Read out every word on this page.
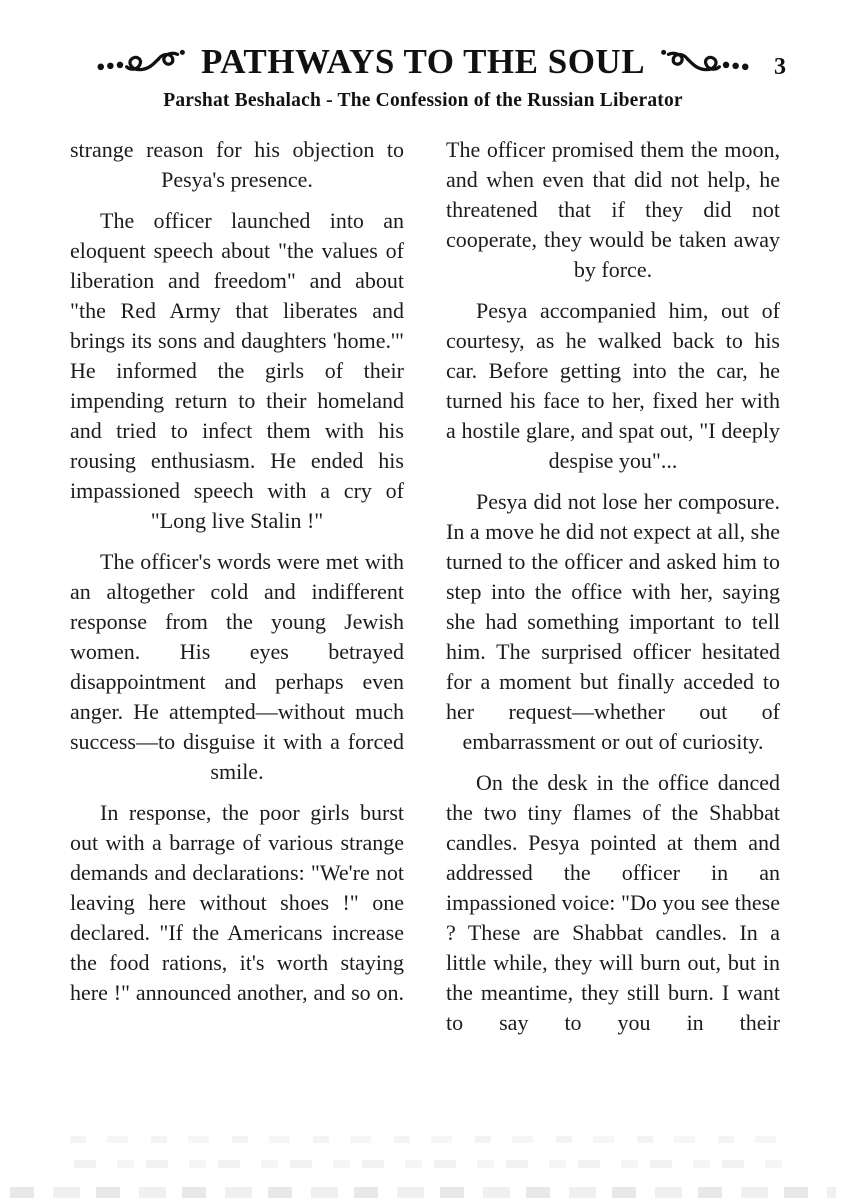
PATHWAYS TO THE SOUL	3
Parshat Beshalach - The Confession of the Russian Liberator

strange reason for his objection to Pesya's presence.

The officer launched into an eloquent speech about "the values of liberation and freedom" and about "the Red Army that liberates and brings its sons and daughters 'home.'" He informed the girls of their impending return to their homeland and tried to infect them with his rousing enthusiasm. He ended his impassioned speech with a cry of "Long live Stalin !"

The officer's words were met with an altogether cold and indifferent response from the young Jewish women. His eyes betrayed disappointment and perhaps even anger. He attempted—without much success—to disguise it with a forced smile.

In response, the poor girls burst out with a barrage of various strange demands and declarations: "We're not leaving here without shoes !" one declared. "If the Americans increase the food rations, it's worth staying here !" announced another, and so on.

The officer promised them the moon, and when even that did not help, he threatened that if they did not cooperate, they would be taken away by force.

Pesya accompanied him, out of courtesy, as he walked back to his car. Before getting into the car, he turned his face to her, fixed her with a hostile glare, and spat out, "I deeply despise you"...

Pesya did not lose her composure. In a move he did not expect at all, she turned to the officer and asked him to step into the office with her, saying she had something important to tell him. The surprised officer hesitated for a moment but finally acceded to her request—whether out of embarrassment or out of curiosity.

On the desk in the office danced the two tiny flames of the Shabbat candles. Pesya pointed at them and addressed the officer in an impassioned voice: "Do you see these ? These are Shabbat candles. In a little while, they will burn out, but in the meantime, they still burn. I want to say to you in their
